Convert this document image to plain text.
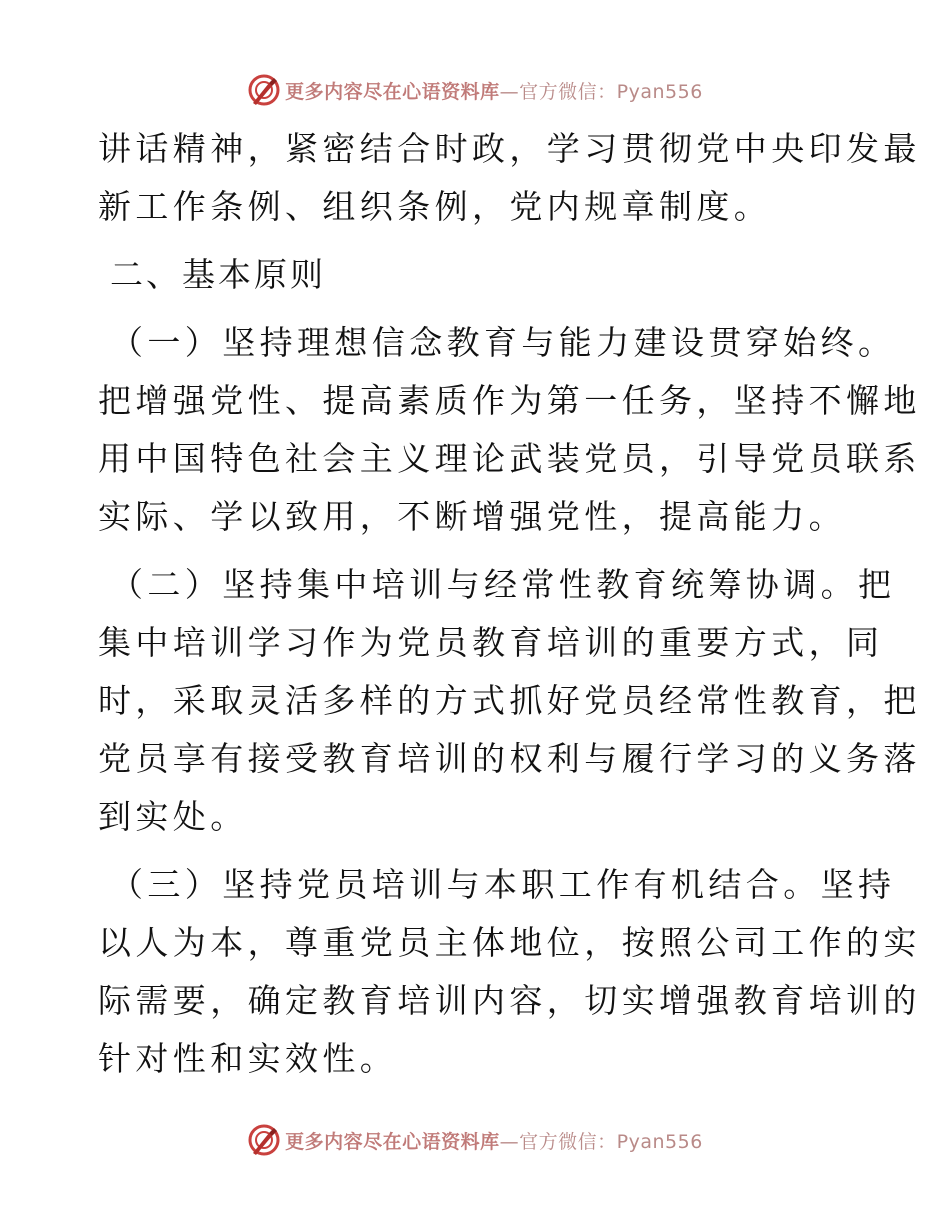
更多内容尽在心语资料库—官方微信：Pyan556
讲话精神，紧密结合时政，学习贯彻党中央印发最
新工作条例、组织条例，党内规章制度。
二、基本原则
（一）坚持理想信念教育与能力建设贯穿始终。
把增强党性、提高素质作为第一任务，坚持不懈地
用中国特色社会主义理论武装党员，引导党员联系
实际、学以致用，不断增强党性，提高能力。
（二）坚持集中培训与经常性教育统筹协调。把
集中培训学习作为党员教育培训的重要方式，同
时，采取灵活多样的方式抓好党员经常性教育，把
党员享有接受教育培训的权利与履行学习的义务落
到实处。
（三）坚持党员培训与本职工作有机结合。坚持
以人为本，尊重党员主体地位，按照公司工作的实
际需要，确定教育培训内容，切实增强教育培训的
针对性和实效性。
更多内容尽在心语资料库—官方微信：Pyan556
